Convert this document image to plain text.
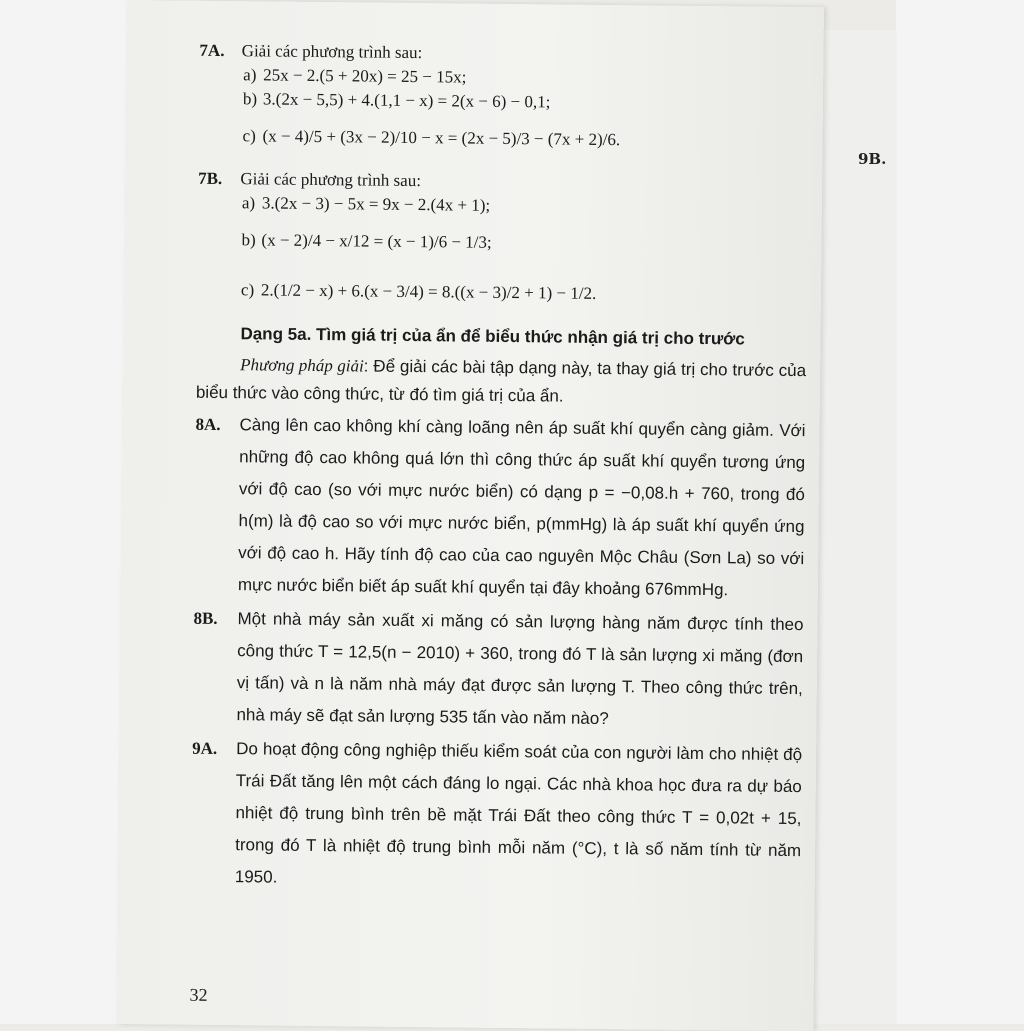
9B.
7A. Giải các phương trình sau:
a) 25x − 2.(5 + 20x) = 25 − 15x;
b) 3.(2x − 5,5) + 4.(1,1 − x) = 2(x − 6) − 0,1;
c) (x − 4)/5 + (3x − 2)/10 − x = (2x − 5)/3 − (7x + 2)/6.
7B. Giải các phương trình sau:
a) 3.(2x − 3) − 5x = 9x − 2.(4x + 1);
b) (x − 2)/4 − x/12 = (x − 1)/6 − 1/3;
c) 2.(1/2 − x) + 6.(x − 3/4) = 8.((x − 3)/2 + 1) − 1/2.
Dạng 5a. Tìm giá trị của ẩn để biểu thức nhận giá trị cho trước
Phương pháp giải: Để giải các bài tập dạng này, ta thay giá trị cho trước của biểu thức vào công thức, từ đó tìm giá trị của ẩn.
8A.	Càng lên cao không khí càng loãng nên áp suất khí quyển càng giảm. Với những độ cao không quá lớn thì công thức áp suất khí quyển tương ứng với độ cao (so với mực nước biển) có dạng p = −0,08.h + 760, trong đó h(m) là độ cao so với mực nước biển, p(mmHg) là áp suất khí quyển ứng với độ cao h. Hãy tính độ cao của cao nguyên Mộc Châu (Sơn La) so với mực nước biển biết áp suất khí quyển tại đây khoảng 676mmHg.
8B.	Một nhà máy sản xuất xi măng có sản lượng hàng năm được tính theo công thức T = 12,5(n − 2010) + 360, trong đó T là sản lượng xi măng (đơn vị tấn) và n là năm nhà máy đạt được sản lượng T. Theo công thức trên, nhà máy sẽ đạt sản lượng 535 tấn vào năm nào?
9A.	Do hoạt động công nghiệp thiếu kiểm soát của con người làm cho nhiệt độ Trái Đất tăng lên một cách đáng lo ngại. Các nhà khoa học đưa ra dự báo nhiệt độ trung bình trên bề mặt Trái Đất theo công thức T = 0,02t + 15, trong đó T là nhiệt độ trung bình mỗi năm (°C), t là số năm tính từ năm 1950.
32
